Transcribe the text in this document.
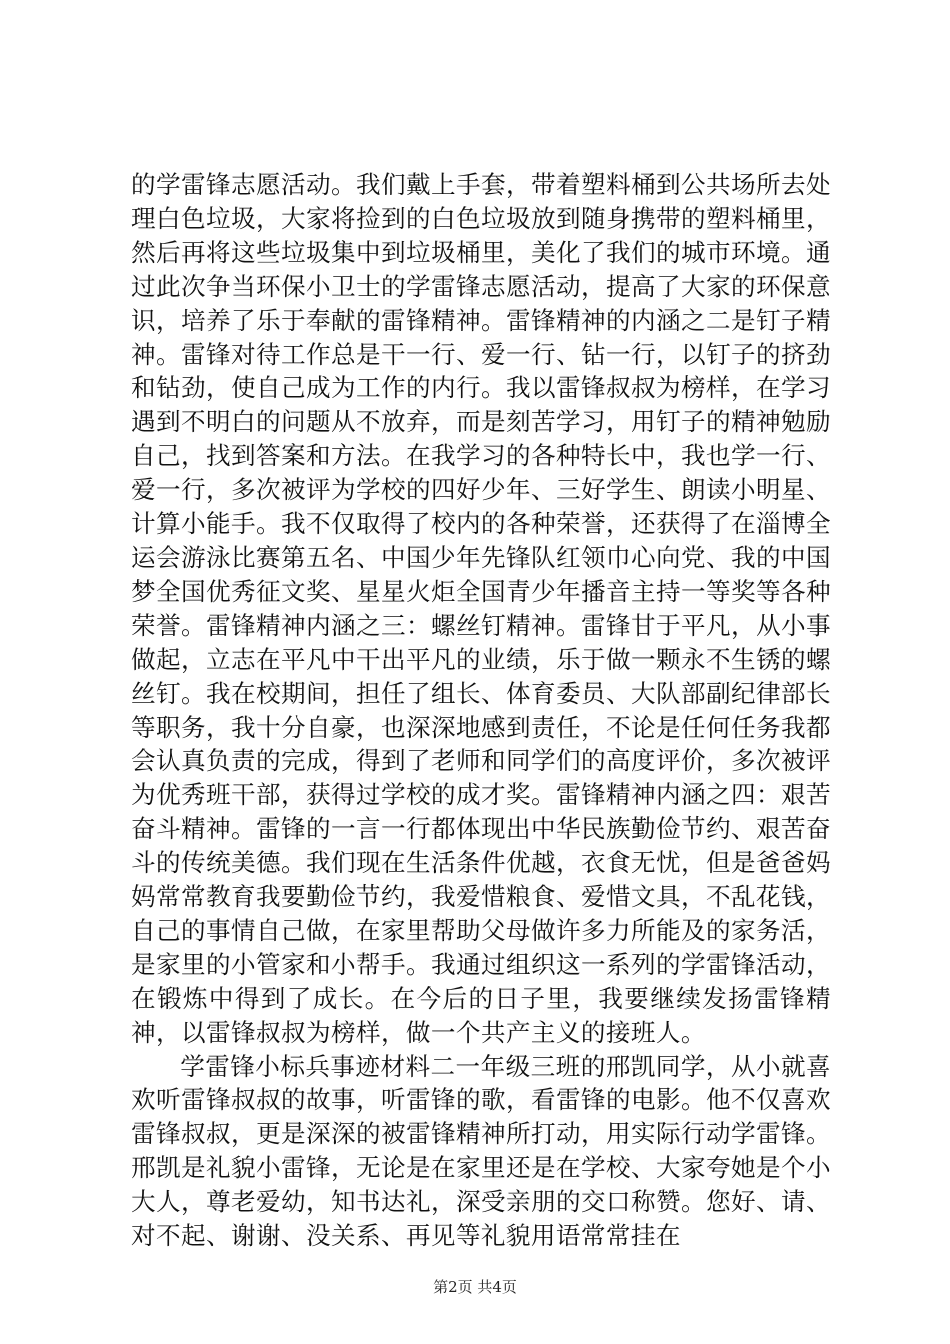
的学雷锋志愿活动。我们戴上手套，带着塑料桶到公共场所去处理白色垃圾，大家将捡到的白色垃圾放到随身携带的塑料桶里，然后再将这些垃圾集中到垃圾桶里，美化了我们的城市环境。通过此次争当环保小卫士的学雷锋志愿活动，提高了大家的环保意识，培养了乐于奉献的雷锋精神。雷锋精神的内涵之二是钉子精神。雷锋对待工作总是干一行、爱一行、钻一行，以钉子的挤劲和钻劲，使自己成为工作的内行。我以雷锋叔叔为榜样，在学习遇到不明白的问题从不放弃，而是刻苦学习，用钉子的精神勉励自己，找到答案和方法。在我学习的各种特长中，我也学一行、爱一行，多次被评为学校的四好少年、三好学生、朗读小明星、计算小能手。我不仅取得了校内的各种荣誉，还获得了在淄博全运会游泳比赛第五名、中国少年先锋队红领巾心向党、我的中国梦全国优秀征文奖、星星火炬全国青少年播音主持一等奖等各种荣誉。雷锋精神内涵之三：螺丝钉精神。雷锋甘于平凡，从小事做起，立志在平凡中干出平凡的业绩，乐于做一颗永不生锈的螺丝钉。我在校期间，担任了组长、体育委员、大队部副纪律部长等职务，我十分自豪，也深深地感到责任，不论是任何任务我都会认真负责的完成，得到了老师和同学们的高度评价，多次被评为优秀班干部，获得过学校的成才奖。雷锋精神内涵之四：艰苦奋斗精神。雷锋的一言一行都体现出中华民族勤俭节约、艰苦奋斗的传统美德。我们现在生活条件优越，衣食无忧，但是爸爸妈妈常常教育我要勤俭节约，我爱惜粮食、爱惜文具，不乱花钱，自己的事情自己做，在家里帮助父母做许多力所能及的家务活，是家里的小管家和小帮手。我通过组织这一系列的学雷锋活动，在锻炼中得到了成长。在今后的日子里，我要继续发扬雷锋精神，以雷锋叔叔为榜样，做一个共产主义的接班人。

学雷锋小标兵事迹材料二一年级三班的邢凯同学，从小就喜欢听雷锋叔叔的故事，听雷锋的歌，看雷锋的电影。他不仅喜欢雷锋叔叔，更是深深的被雷锋精神所打动，用实际行动学雷锋。邢凯是礼貌小雷锋，无论是在家里还是在学校、大家夸她是个小大人，尊老爱幼，知书达礼，深受亲朋的交口称赞。您好、请、对不起、谢谢、没关系、再见等礼貌用语常常挂在

第2页 共4页
